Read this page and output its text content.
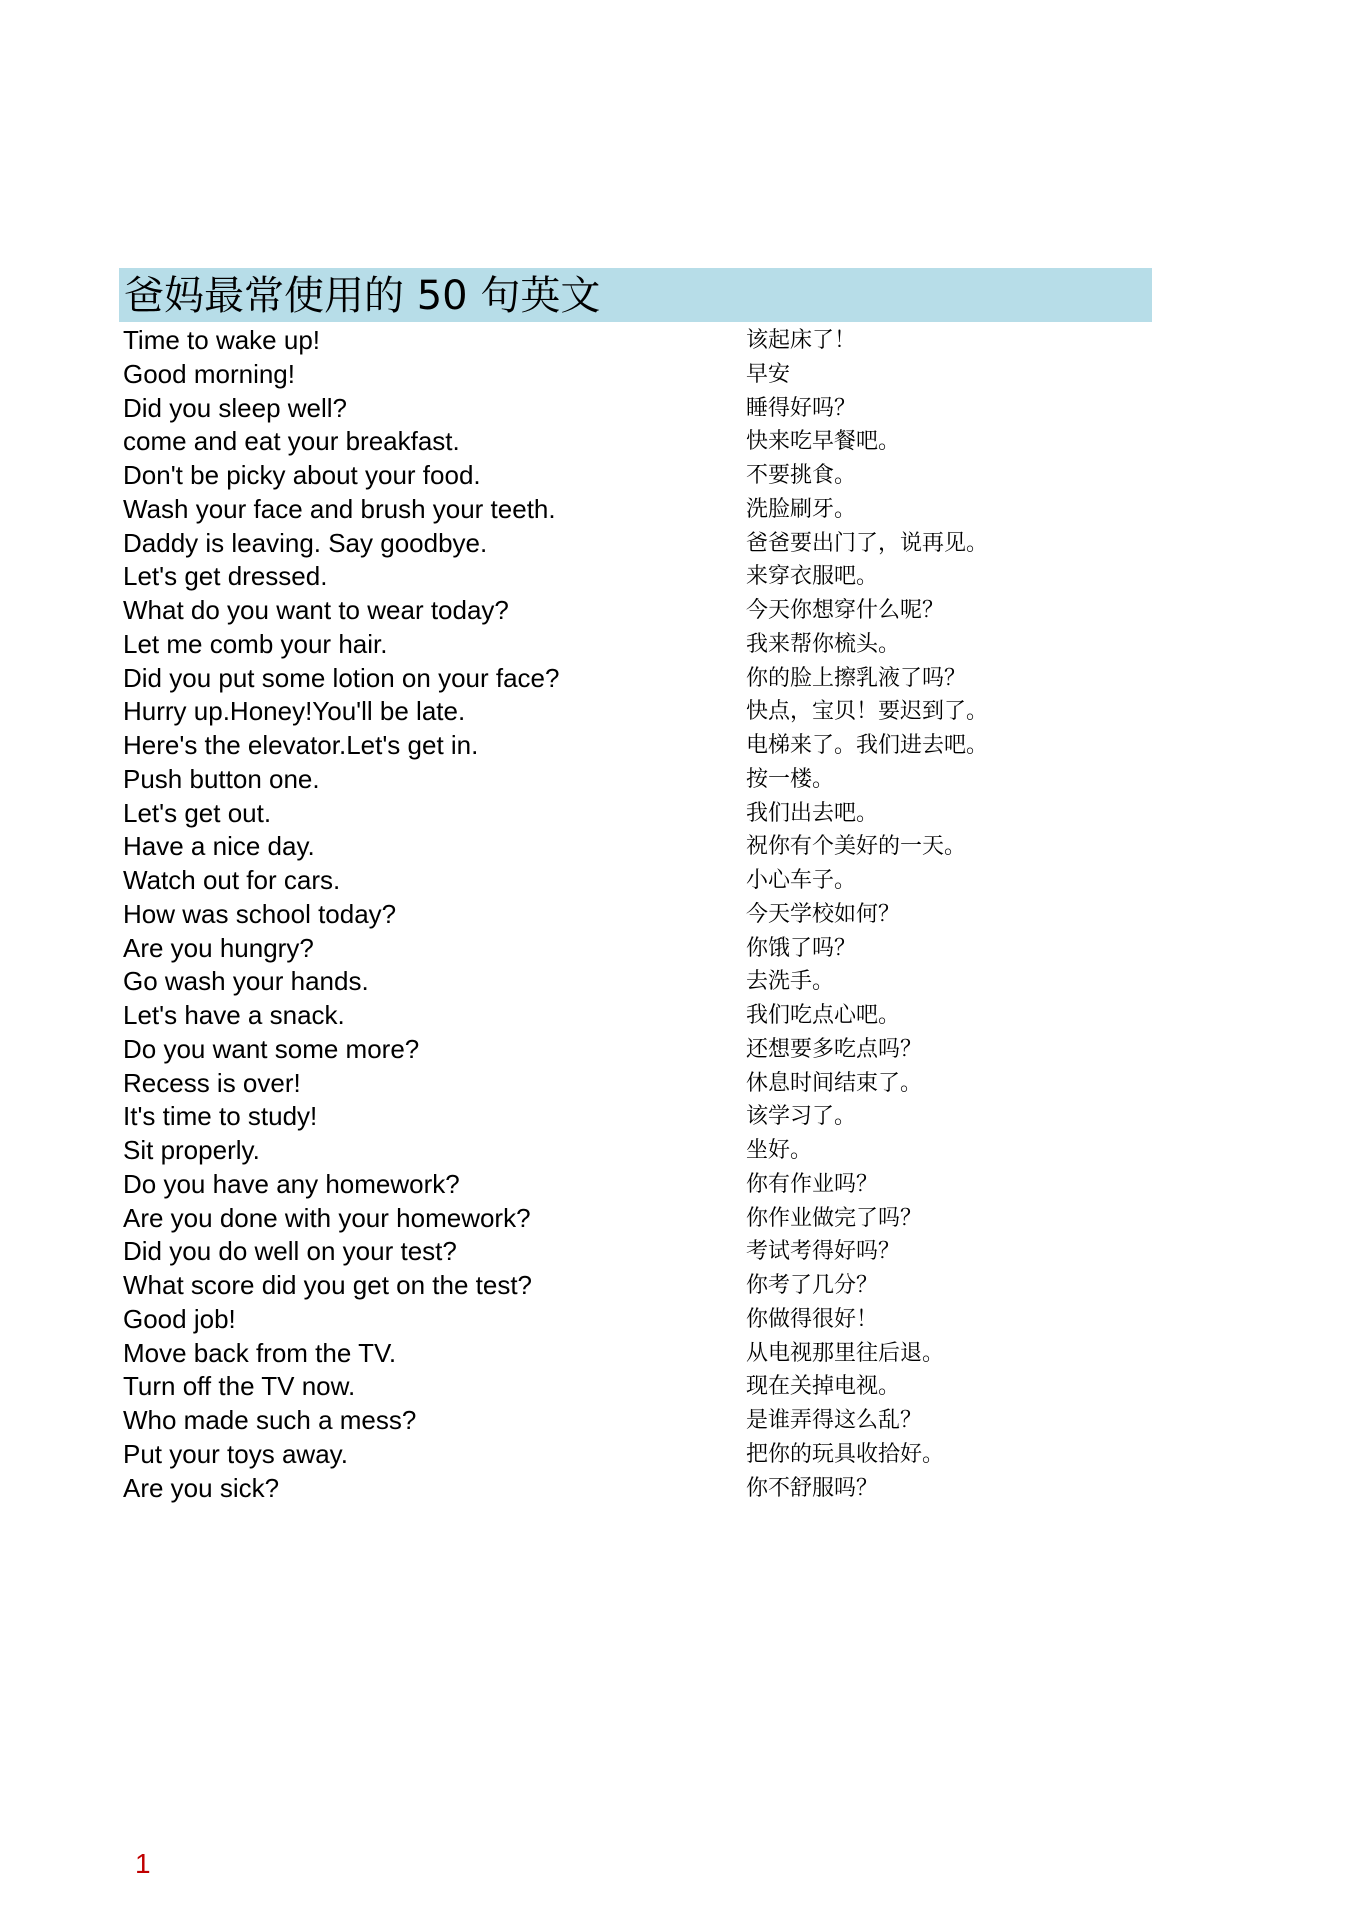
爸妈最常使用的 50 句英文
Time to wake up!	该起床了！
Good morning!	早安
Did you sleep well?	睡得好吗？
come and eat your breakfast.	快来吃早餐吧。
Don't be picky about your food.	不要挑食。
Wash your face and brush your teeth.	洗脸刷牙。
Daddy is leaving. Say goodbye.	爸爸要出门了，说再见。
Let's get dressed.	来穿衣服吧。
What do you want to wear today?	今天你想穿什么呢？
Let me comb your hair.	我来帮你梳头。
Did you put some lotion on your face?	你的脸上擦乳液了吗？
Hurry up.Honey!You'll be late.	快点，宝贝！要迟到了。
Here's the elevator.Let's get in.	电梯来了。我们进去吧。
Push button one.	按一楼。
Let's get out.	我们出去吧。
Have a nice day.	祝你有个美好的一天。
Watch out for cars.	小心车子。
How was school today?	今天学校如何？
Are you hungry?	你饿了吗？
Go wash your hands.	去洗手。
Let's have a snack.	我们吃点心吧。
Do you want some more?	还想要多吃点吗？
Recess is over!	休息时间结束了。
It's time to study!	该学习了。
Sit properly.	坐好。
Do you have any homework?	你有作业吗？
Are you done with your homework?	你作业做完了吗？
Did you do well on your test?	考试考得好吗？
What score did you get on the test?	你考了几分？
Good job!	你做得很好！
Move back from the TV.	从电视那里往后退。
Turn off the TV now.	现在关掉电视。
Who made such a mess?	是谁弄得这么乱？
Put your toys away.	把你的玩具收拾好。
Are you sick?	你不舒服吗？
1
